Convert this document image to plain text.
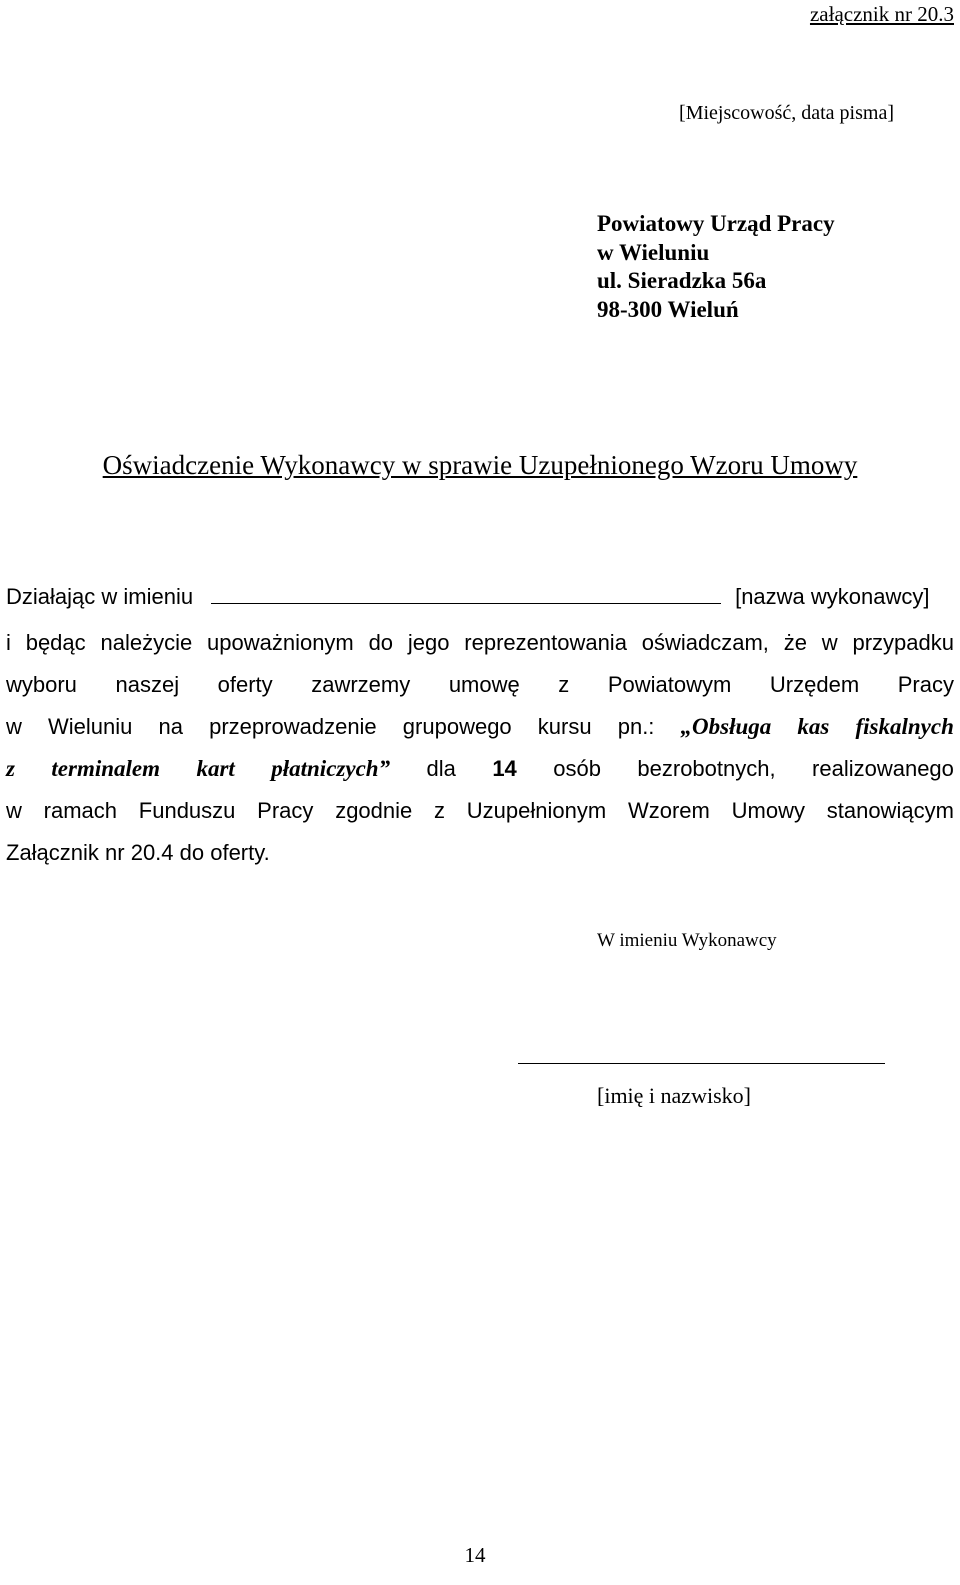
załącznik nr 20.3
[Miejscowość, data pisma]
Powiatowy Urząd Pracy
w Wieluniu
ul. Sieradzka 56a
98-300 Wieluń
Oświadczenie Wykonawcy w sprawie Uzupełnionego Wzoru Umowy
Działając w imieniu	[nazwa wykonawcy]
i będąc należycie upoważnionym do jego reprezentowania oświadczam, że w przypadku
wyboru naszej oferty zawrzemy umowę z Powiatowym Urzędem Pracy
w Wieluniu na przeprowadzenie grupowego kursu pn.: „Obsługa kas fiskalnych
z terminalem kart płatniczych” dla 14 osób bezrobotnych, realizowanego
w ramach Funduszu Pracy zgodnie z Uzupełnionym Wzorem Umowy stanowiącym
Załącznik nr 20.4 do oferty.
W imieniu Wykonawcy
[imię i nazwisko]
14
